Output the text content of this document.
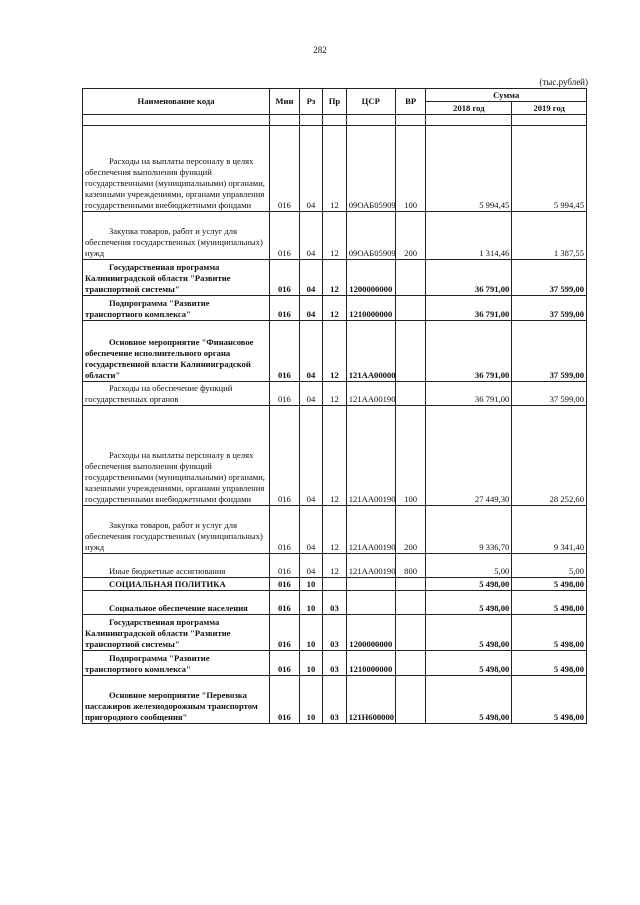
282
(тыс.рублей)
Наименование кода	Мин	Рз	Пр	ЦСР	ВР	Сумма	
						2018 год	2019 год

Расходы на выплаты персоналу в целях обеспечения выполнения функций государственными (муниципальными) органами, казенными учреждениями, органами управления государственными внебюджетными фондами	016	04	12	09ОАБ05909	100	5 994,45	5 994,45

Закупка товаров, работ и услуг для обеспечения государственных (муниципальных) нужд	016	04	12	09ОАБ05909	200	1 314,46	1 387,55

Государственная программа Калининградской области "Развитие транспортной системы"	016	04	12	1200000000		36 791,00	37 599,00

Подпрограмма "Развитие транспортного комплекса"	016	04	12	1210000000		36 791,00	37 599,00

Основное мероприятие "Финансовое обеспечение исполнительного органа государственной власти Калининградской области"	016	04	12	121АА00000		36 791,00	37 599,00

Расходы на обеспечение функций государственных органов	016	04	12	121АА00190		36 791,00	37 599,00

Расходы на выплаты персоналу в целях обеспечения выполнения функций государственными (муниципальными) органами, казенными учреждениями, органами управления государственными внебюджетными фондами	016	04	12	121АА00190	100	27 449,30	28 252,60

Закупка товаров, работ и услуг для обеспечения государственных (муниципальных) нужд	016	04	12	121АА00190	200	9 336,70	9 341,40

Иные бюджетные ассигнования	016	04	12	121АА00190	800	5,00	5,00

СОЦИАЛЬНАЯ ПОЛИТИКА	016	10				5 498,00	5 498,00

Социальное обеспечение населения	016	10	03			5 498,00	5 498,00

Государственная программа Калининградской области "Развитие транспортной системы"	016	10	03	1200000000		5 498,00	5 498,00

Подпрограмма "Развитие транспортного комплекса"	016	10	03	1210000000		5 498,00	5 498,00

Основное мероприятие "Перевозка пассажиров железнодорожным транспортом пригородного сообщения"	016	10	03	121Н600000		5 498,00	5 498,00
